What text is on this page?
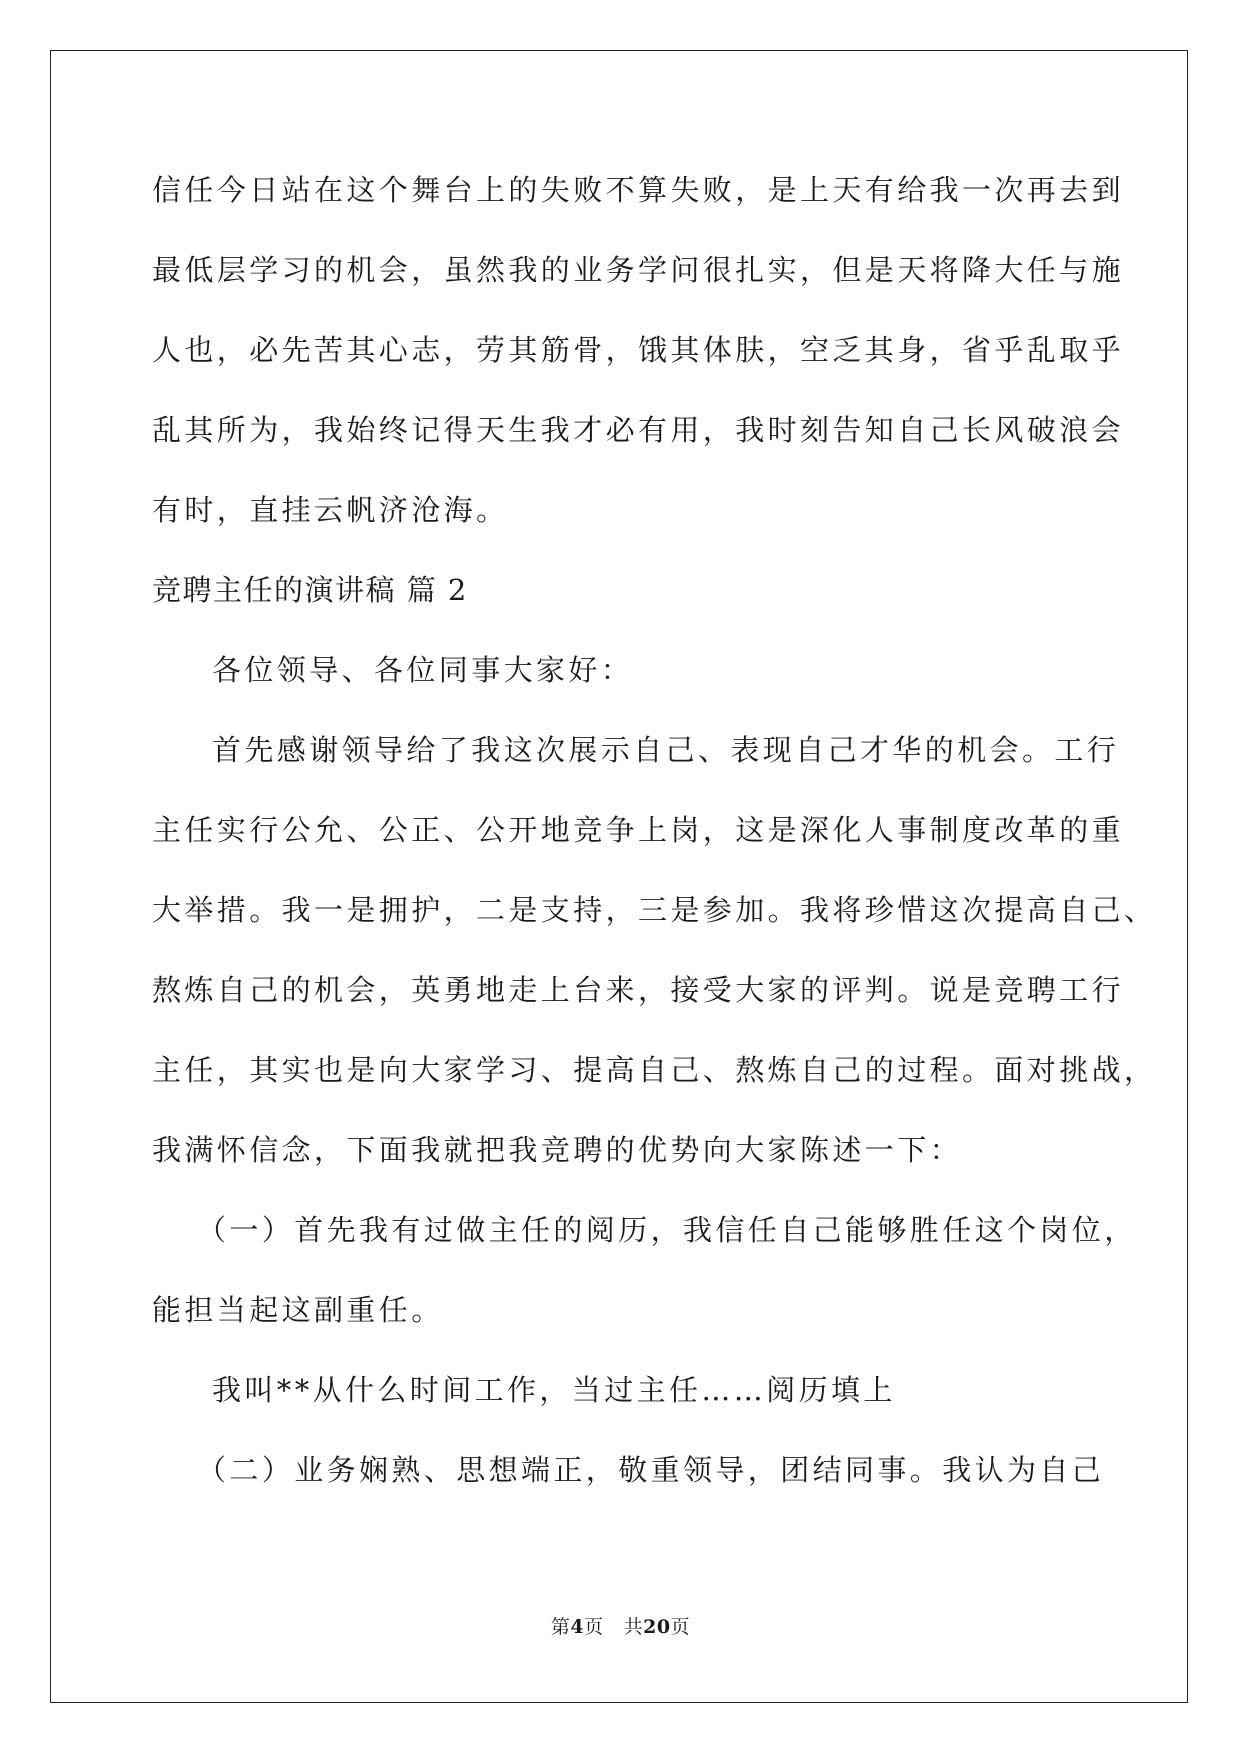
信任今日站在这个舞台上的失败不算失败，是上天有给我一次再去到
最低层学习的机会，虽然我的业务学问很扎实，但是天将降大任与施
人也，必先苦其心志，劳其筋骨，饿其体肤，空乏其身，省乎乱取乎
乱其所为，我始终记得天生我才必有用，我时刻告知自己长风破浪会
有时，直挂云帆济沧海。
竞聘主任的演讲稿 篇 2
各位领导、各位同事大家好：
首先感谢领导给了我这次展示自己、表现自己才华的机会。工行
主任实行公允、公正、公开地竞争上岗，这是深化人事制度改革的重
大举措。我一是拥护，二是支持，三是参加。我将珍惜这次提高自己、
熬炼自己的机会，英勇地走上台来，接受大家的评判。说是竞聘工行
主任，其实也是向大家学习、提高自己、熬炼自己的过程。面对挑战，
我满怀信念，下面我就把我竞聘的优势向大家陈述一下：
（一）首先我有过做主任的阅历，我信任自己能够胜任这个岗位，
能担当起这副重任。
我叫**从什么时间工作，当过主任……阅历填上
（二）业务娴熟、思想端正，敬重领导，团结同事。我认为自己
第4页 共20页
